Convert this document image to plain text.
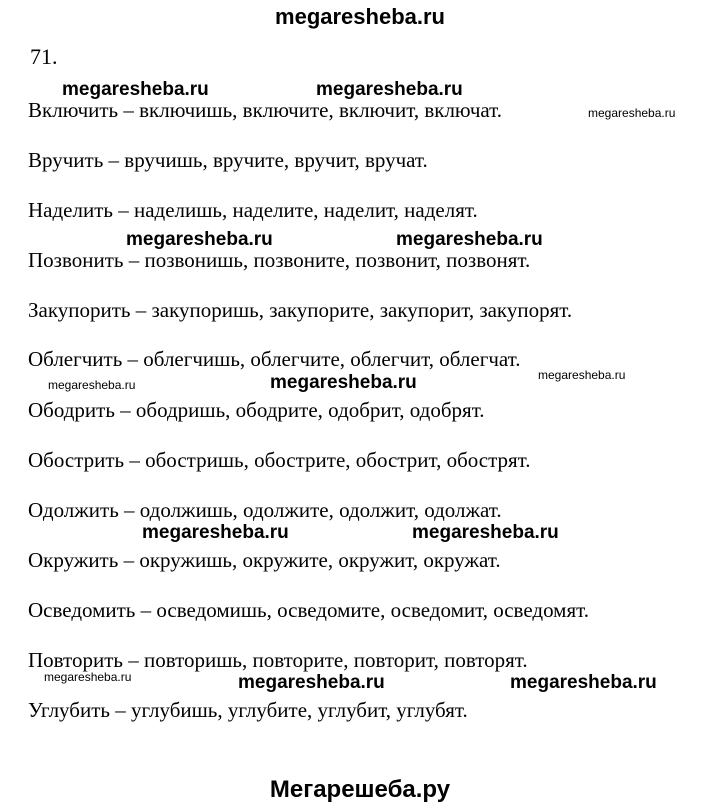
megaresheba.ru
71.
Включить – включишь, включите, включит, включат.
Вручить – вручишь, вручите, вручит, вручат.
Наделить – наделишь, наделите, наделит, наделят.
Позвонить – позвонишь, позвоните, позвонит, позвонят.
Закупорить – закупоришь, закупорите, закупорит, закупорят.
Облегчить – облегчишь, облегчите, облегчит, облегчат.
Ободрить – ободришь, ободрите, одобрит, одобрят.
Обострить – обостришь, обострите, обострит, обострят.
Одолжить – одолжишь, одолжите, одолжит, одолжат.
Окружить – окружишь, окружите, окружит, окружат.
Осведомить – осведомишь, осведомите, осведомит, осведомят.
Повторить – повторишь, повторите, повторит, повторят.
Углубить – углубишь, углубите, углубит, углубят.
megaresheba.ru	megaresheba.ru
megaresheba.ru
megaresheba.ru	megaresheba.ru
megaresheba.ru	megaresheba.ru	megaresheba.ru
megaresheba.ru	megaresheba.ru
megaresheba.ru	megaresheba.ru	megaresheba.ru
Мегарешеба.ру
